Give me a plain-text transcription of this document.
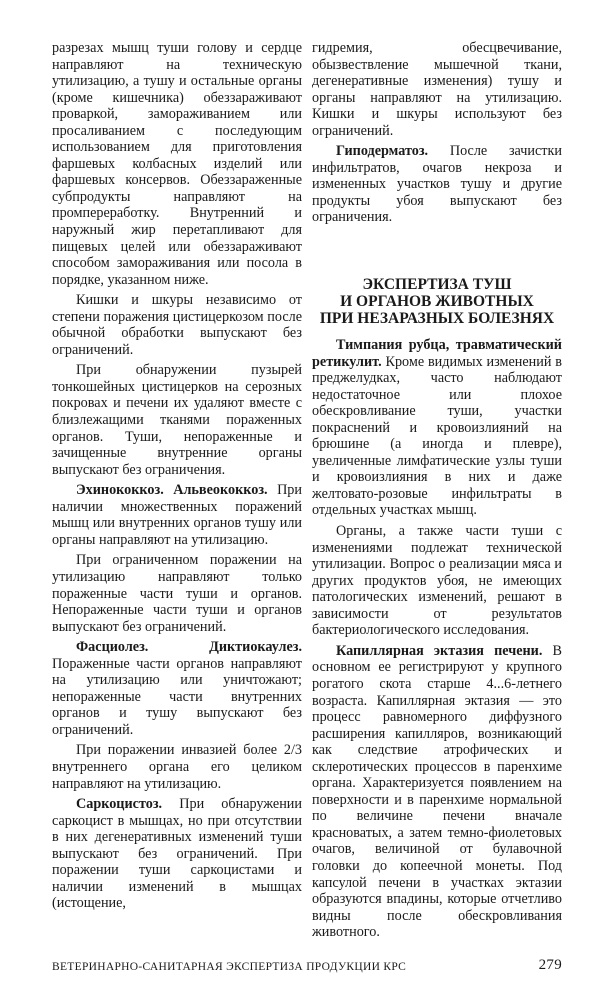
разрезах мышц туши голову и сердце направляют на техническую утилизацию, а тушу и остальные органы (кроме кишечника) обеззараживают проваркой, замораживанием или просаливанием с последующим использованием для приготовления фаршевых колбасных изделий или фаршевых консервов. Обеззараженные субпродукты направляют на промпереработку. Внутренний и наружный жир перетапливают для пищевых целей или обеззараживают способом замораживания или посола в порядке, указанном ниже.

Кишки и шкуры независимо от степени поражения цистицеркозом после обычной обработки выпускают без ограничений.

При обнаружении пузырей тонкошейных цистицерков на серозных покровах и печени их удаляют вместе с близлежащими тканями пораженных органов. Туши, непораженные и зачищенные внутренние органы выпускают без ограничения.

Эхинококкоз. Альвеококкоз. При наличии множественных поражений мышц или внутренних органов тушу или органы направляют на утилизацию.

При ограниченном поражении на утилизацию направляют только пораженные части туши и органов. Непораженные части туши и органов выпускают без ограничений.

Фасциолез. Диктиокаулез. Пораженные части органов направляют на утилизацию или уничтожают; непораженные части внутренних органов и тушу выпускают без ограничений.

При поражении инвазией более 2/3 внутреннего органа его целиком направляют на утилизацию.

Саркоцистоз. При обнаружении саркоцист в мышцах, но при отсутствии в них дегенеративных изменений туши выпускают без ограничений. При поражении туши саркоцистами и наличии изменений в мышцах (истощение,

гидремия, обесцвечивание, обызвествление мышечной ткани, дегенеративные изменения) тушу и органы направляют на утилизацию. Кишки и шкуры используют без ограничений.

Гиподерматоз. После зачистки инфильтратов, очагов некроза и измененных участков тушу и другие продукты убоя выпускают без ограничения.

ЭКСПЕРТИЗА ТУШ
И ОРГАНОВ ЖИВОТНЫХ
ПРИ НЕЗАРАЗНЫХ БОЛЕЗНЯХ

Тимпания рубца, травматический ретикулит. Кроме видимых изменений в преджелудках, часто наблюдают недостаточное или плохое обескровливание туши, участки покраснений и кровоизлияний на брюшине (а иногда и плевре), увеличенные лимфатические узлы туши и кровоизлияния в них и даже желтовато-розовые инфильтраты в отдельных участках мышц.

Органы, а также части туши с изменениями подлежат технической утилизации. Вопрос о реализации мяса и других продуктов убоя, не имеющих патологических изменений, решают в зависимости от результатов бактериологического исследования.

Капиллярная эктазия печени. В основном ее регистрируют у крупного рогатого скота старше 4...6-летнего возраста. Капиллярная эктазия — это процесс равномерного диффузного расширения капилляров, возникающий как следствие атрофических и склеротических процессов в паренхиме органа. Характеризуется появлением на поверхности и в паренхиме нормальной по величине печени вначале красноватых, а затем темно-фиолетовых очагов, величиной от булавочной головки до копеечной монеты. Под капсулой печени в участках эктазии образуются впадины, которые отчетливо видны после обескровливания животного.

ВЕТЕРИНАРНО-САНИТАРНАЯ ЭКСПЕРТИЗА ПРОДУКЦИИ КРС	279
